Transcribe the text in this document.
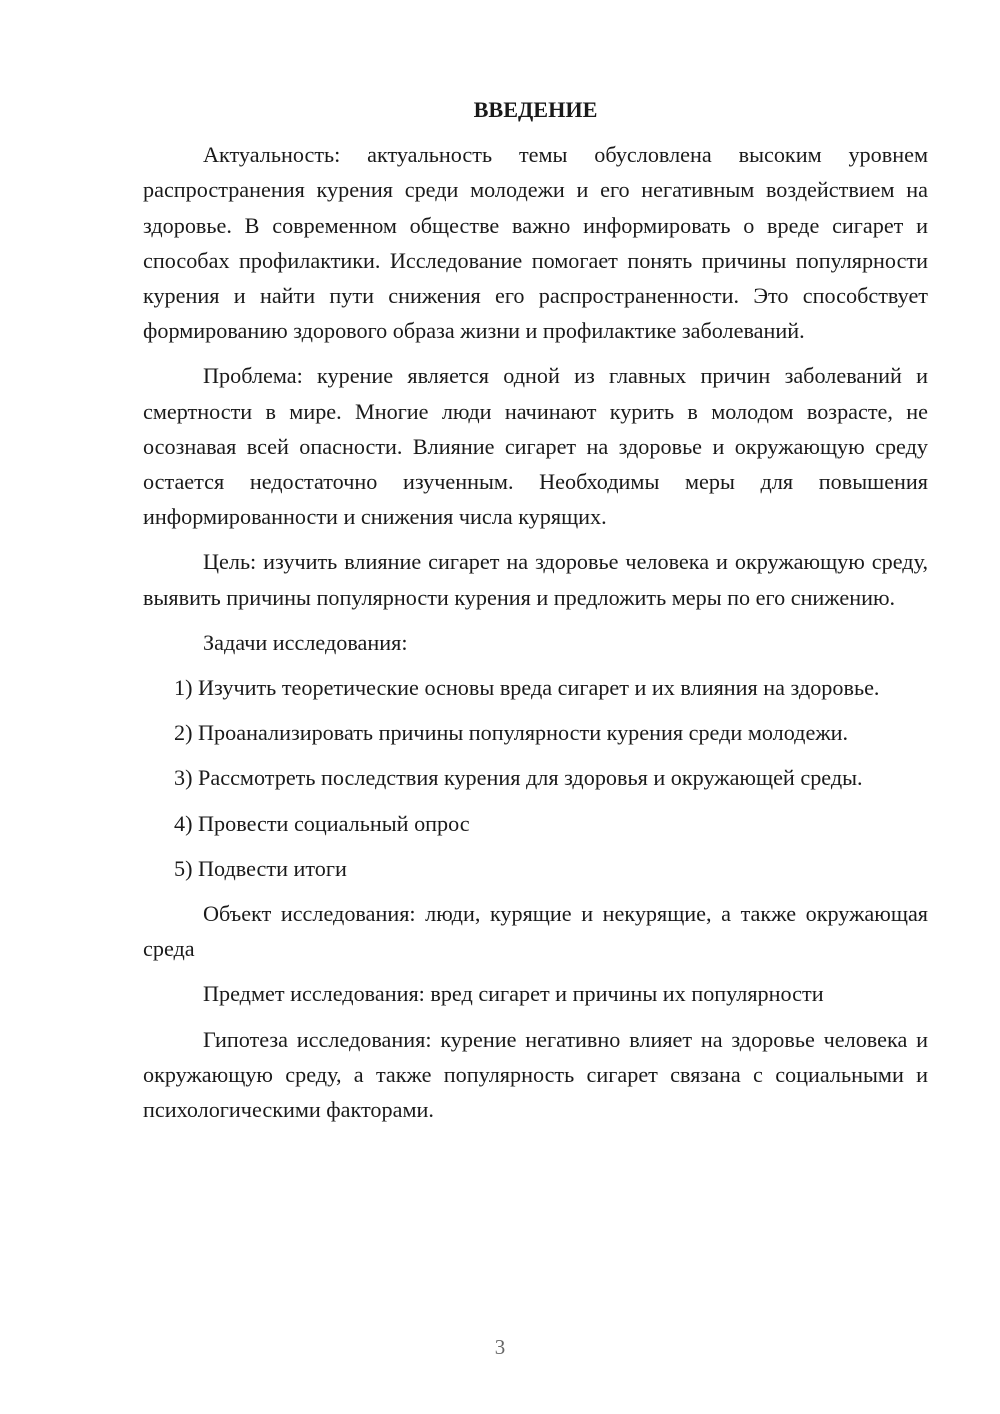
ВВЕДЕНИЕ

Актуальность: актуальность темы обусловлена высоким уровнем распространения курения среди молодежи и его негативным воздействием на здоровье. В современном обществе важно информировать о вреде сигарет и способах профилактики. Исследование помогает понять причины популярности курения и найти пути снижения его распространенности. Это способствует формированию здорового образа жизни и профилактике заболеваний.

Проблема: курение является одной из главных причин заболеваний и смертности в мире. Многие люди начинают курить в молодом возрасте, не осознавая всей опасности. Влияние сигарет на здоровье и окружающую среду остается недостаточно изученным. Необходимы меры для повышения информированности и снижения числа курящих.

Цель: изучить влияние сигарет на здоровье человека и окружающую среду, выявить причины популярности курения и предложить меры по его снижению.

Задачи исследования:

1) Изучить теоретические основы вреда сигарет и их влияния на здоровье.

2) Проанализировать причины популярности курения среди молодежи.

3) Рассмотреть последствия курения для здоровья и окружающей среды.

4) Провести социальный опрос

5) Подвести итоги

Объект исследования: люди, курящие и некурящие, а также окружающая среда

Предмет исследования: вред сигарет и причины их популярности

Гипотеза исследования: курение негативно влияет на здоровье человека и окружающую среду, а также популярность сигарет связана с социальными и психологическими факторами.

3
